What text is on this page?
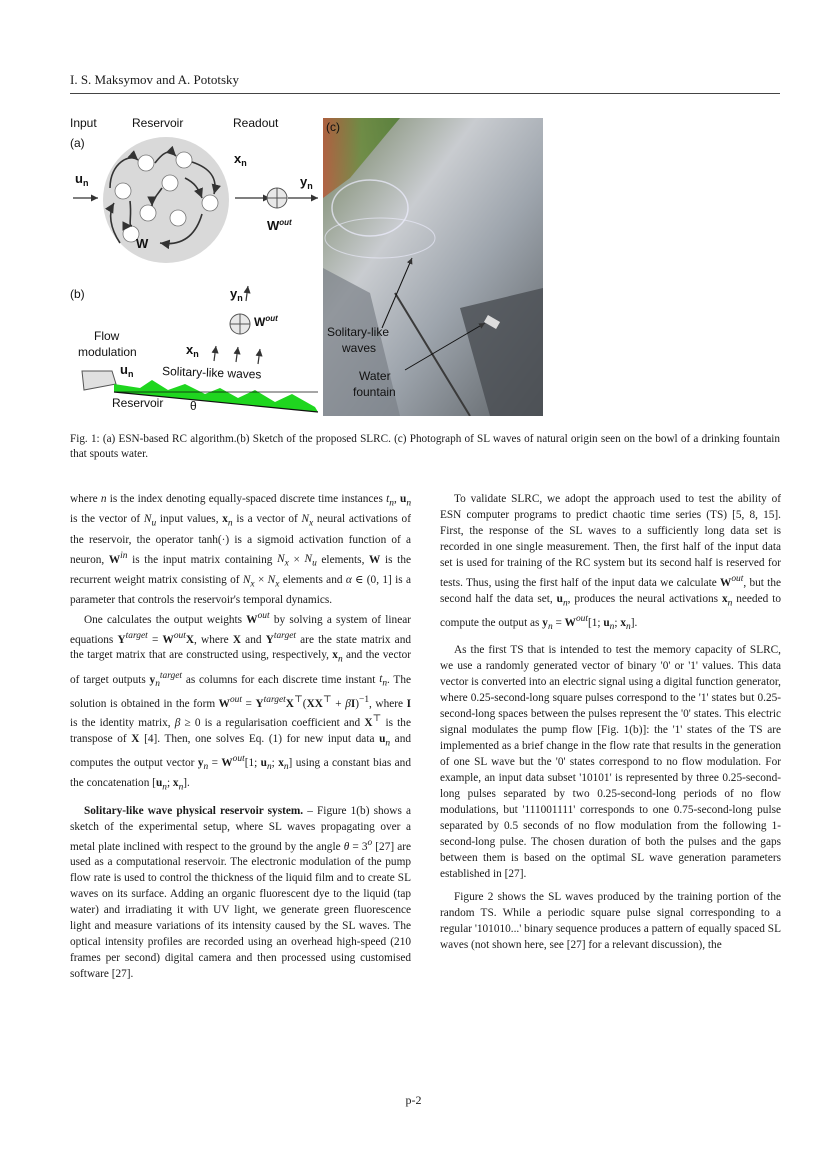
I. S. Maksymov and A. Pototsky
Input	Reservoir	Readout
(a)
$u_n$
$x_n$
$y_n$
W
$W^{out}$
(b)
Flow
modulation
Solitary-like waves
Reservoir θ
$y_n$
$x_n$
$u_n$
$W^{out}$
(c)
Solitary-like
waves
Water
fountain
Fig. 1: (a) ESN-based RC algorithm.(b) Sketch of the proposed SLRC. (c) Photograph of SL waves of natural origin seen on the bowl of a drinking fountain that spouts water.

where n is the index denoting equally-spaced discrete time instances $t_n$, $u_n$ is the vector of $N_u$ input values, $x_n$ is a vector of $N_x$ neural activations of the reservoir, the operator tanh(·) is a sigmoid activation function of a neuron, $W^{in}$ is the input matrix containing $N_x \times N_u$ elements, W is the recurrent weight matrix consisting of $N_x \times N_x$ elements and α ∈ (0, 1] is a parameter that controls the reservoir's temporal dynamics.

One calculates the output weights $W^{out}$ by solving a system of linear equations $Y^{target} = W^{out}X$, where X and $Y^{target}$ are the state matrix and the target matrix that are constructed using, respectively, $x_n$ and the vector of target outputs $y_n^{target}$ as columns for each discrete time instant $t_n$. The solution is obtained in the form $W^{out} = Y^{target}X^⊤(XX^⊤ + \beta I)^{-1}$, where I is the identity matrix, β ≥ 0 is a regularisation coefficient and X⊤ is the transpose of X [4]. Then, one solves Eq. (1) for new input data $u_n$ and computes the output vector $y_n = W^{out}[1$; $u_n$; $x_n$] using a constant bias and the concatenation [$u_n$; $x_n$].

Solitary-like wave physical reservoir system. – Figure 1(b) shows a sketch of the experimental setup, where SL waves propagating over a metal plate inclined with respect to the ground by the angle $\theta = 3^o$ [27] are used as a computational reservoir. The electronic modulation of the pump flow rate is used to control the thickness of the liquid film and to create SL waves on its surface. Adding an organic fluorescent dye to the liquid (tap water) and irradiating it with UV light, we generate green fluorescence light and measure variations of its intensity caused by the SL waves. The optical intensity profiles are recorded using an overhead high-speed (210 frames per second) digital camera and then processed using customised software [27].

To validate SLRC, we adopt the approach used to test the ability of ESN computer programs to predict chaotic time series (TS) [5, 8, 15]. First, the response of the SL waves to a sufficiently long data set is recorded in one single measurement. Then, the first half of the input data set is used for training of the RC system but its second half is reserved for tests. Thus, using the first half of the input data we calculate $W^{out}$, but the second half the data set, $u_n$, produces the neural activations $x_n$ needed to compute the output as $y_n = W^{out}[1$; $u_n$; $x_n$].

As the first TS that is intended to test the memory capacity of SLRC, we use a randomly generated vector of binary '0' or '1' values. This data vector is converted into an electric signal using a digital function generator, where 0.25-second-long square pulses correspond to the '1' states but 0.25-second-long spaces between the pulses represent the '0' states. This electric signal modulates the pump flow [Fig. 1(b)]: the '1' states of the TS are implemented as a brief change in the flow rate that results in the generation of one SL wave but the '0' states correspond to no flow modulation. For example, an input data subset '10101' is represented by three 0.25-second-long pulses separated by two 0.25-second-long periods of no flow modulations, but '111001111' corresponds to one 0.75-second-long pulse separated by 0.5 seconds of no flow modulation from the following 1-second-long pulse. The chosen duration of both the pulses and the gaps between them is based on the optimal SL wave generation parameters established in [27].

Figure 2 shows the SL waves produced by the training portion of the random TS. While a periodic square pulse signal corresponding to a regular '101010...' binary sequence produces a pattern of equally spaced SL waves (not shown here, see [27] for a relevant discussion), the

p-2
